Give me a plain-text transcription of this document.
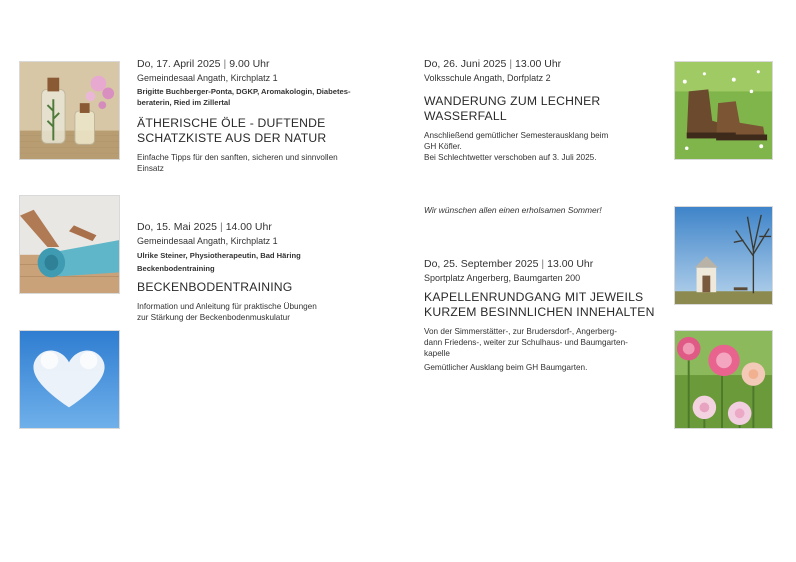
Do, 17. April 2025 | 9.00 Uhr
Gemeindesaal Angath, Kirchplatz 1
Brigitte Buchberger-Ponta, DGKP, Aromakologin, Diabetes-
beraterin, Ried im Zillertal
ÄTHERISCHE ÖLE - DUFTENDE
SCHATZKISTE AUS DER NATUR
Einfache Tipps für den sanften, sicheren und sinnvollen
Einsatz
Do, 15. Mai 2025 | 14.00 Uhr
Gemeindesaal Angath, Kirchplatz 1
Ulrike Steiner, Physiotherapeutin, Bad Häring
Beckenbodentraining
BECKENBODENTRAINING
Information und Anleitung für praktische Übungen
zur Stärkung der Beckenbodenmuskulatur
Do, 26. Juni 2025 | 13.00 Uhr
Volksschule Angath, Dorfplatz 2
WANDERUNG ZUM LECHNER
WASSERFALL
Anschließend gemütlicher Semesterausklang beim
GH Köfler.
Bei Schlechtwetter verschoben auf 3. Juli 2025.
Wir wünschen allen einen erholsamen Sommer!
Do, 25. September 2025 | 13.00 Uhr
Sportplatz Angerberg, Baumgarten 200
KAPELLENRUNDGANG MIT JEWEILS
KURZEM BESINNLICHEN INNEHALTEN
Von der Simmerstätter-, zur Brudersdorf-, Angerberg-
dann Friedens-, weiter zur Schulhaus- und Baumgarten-
kapelle
Gemütlicher Ausklang beim GH Baumgarten.
